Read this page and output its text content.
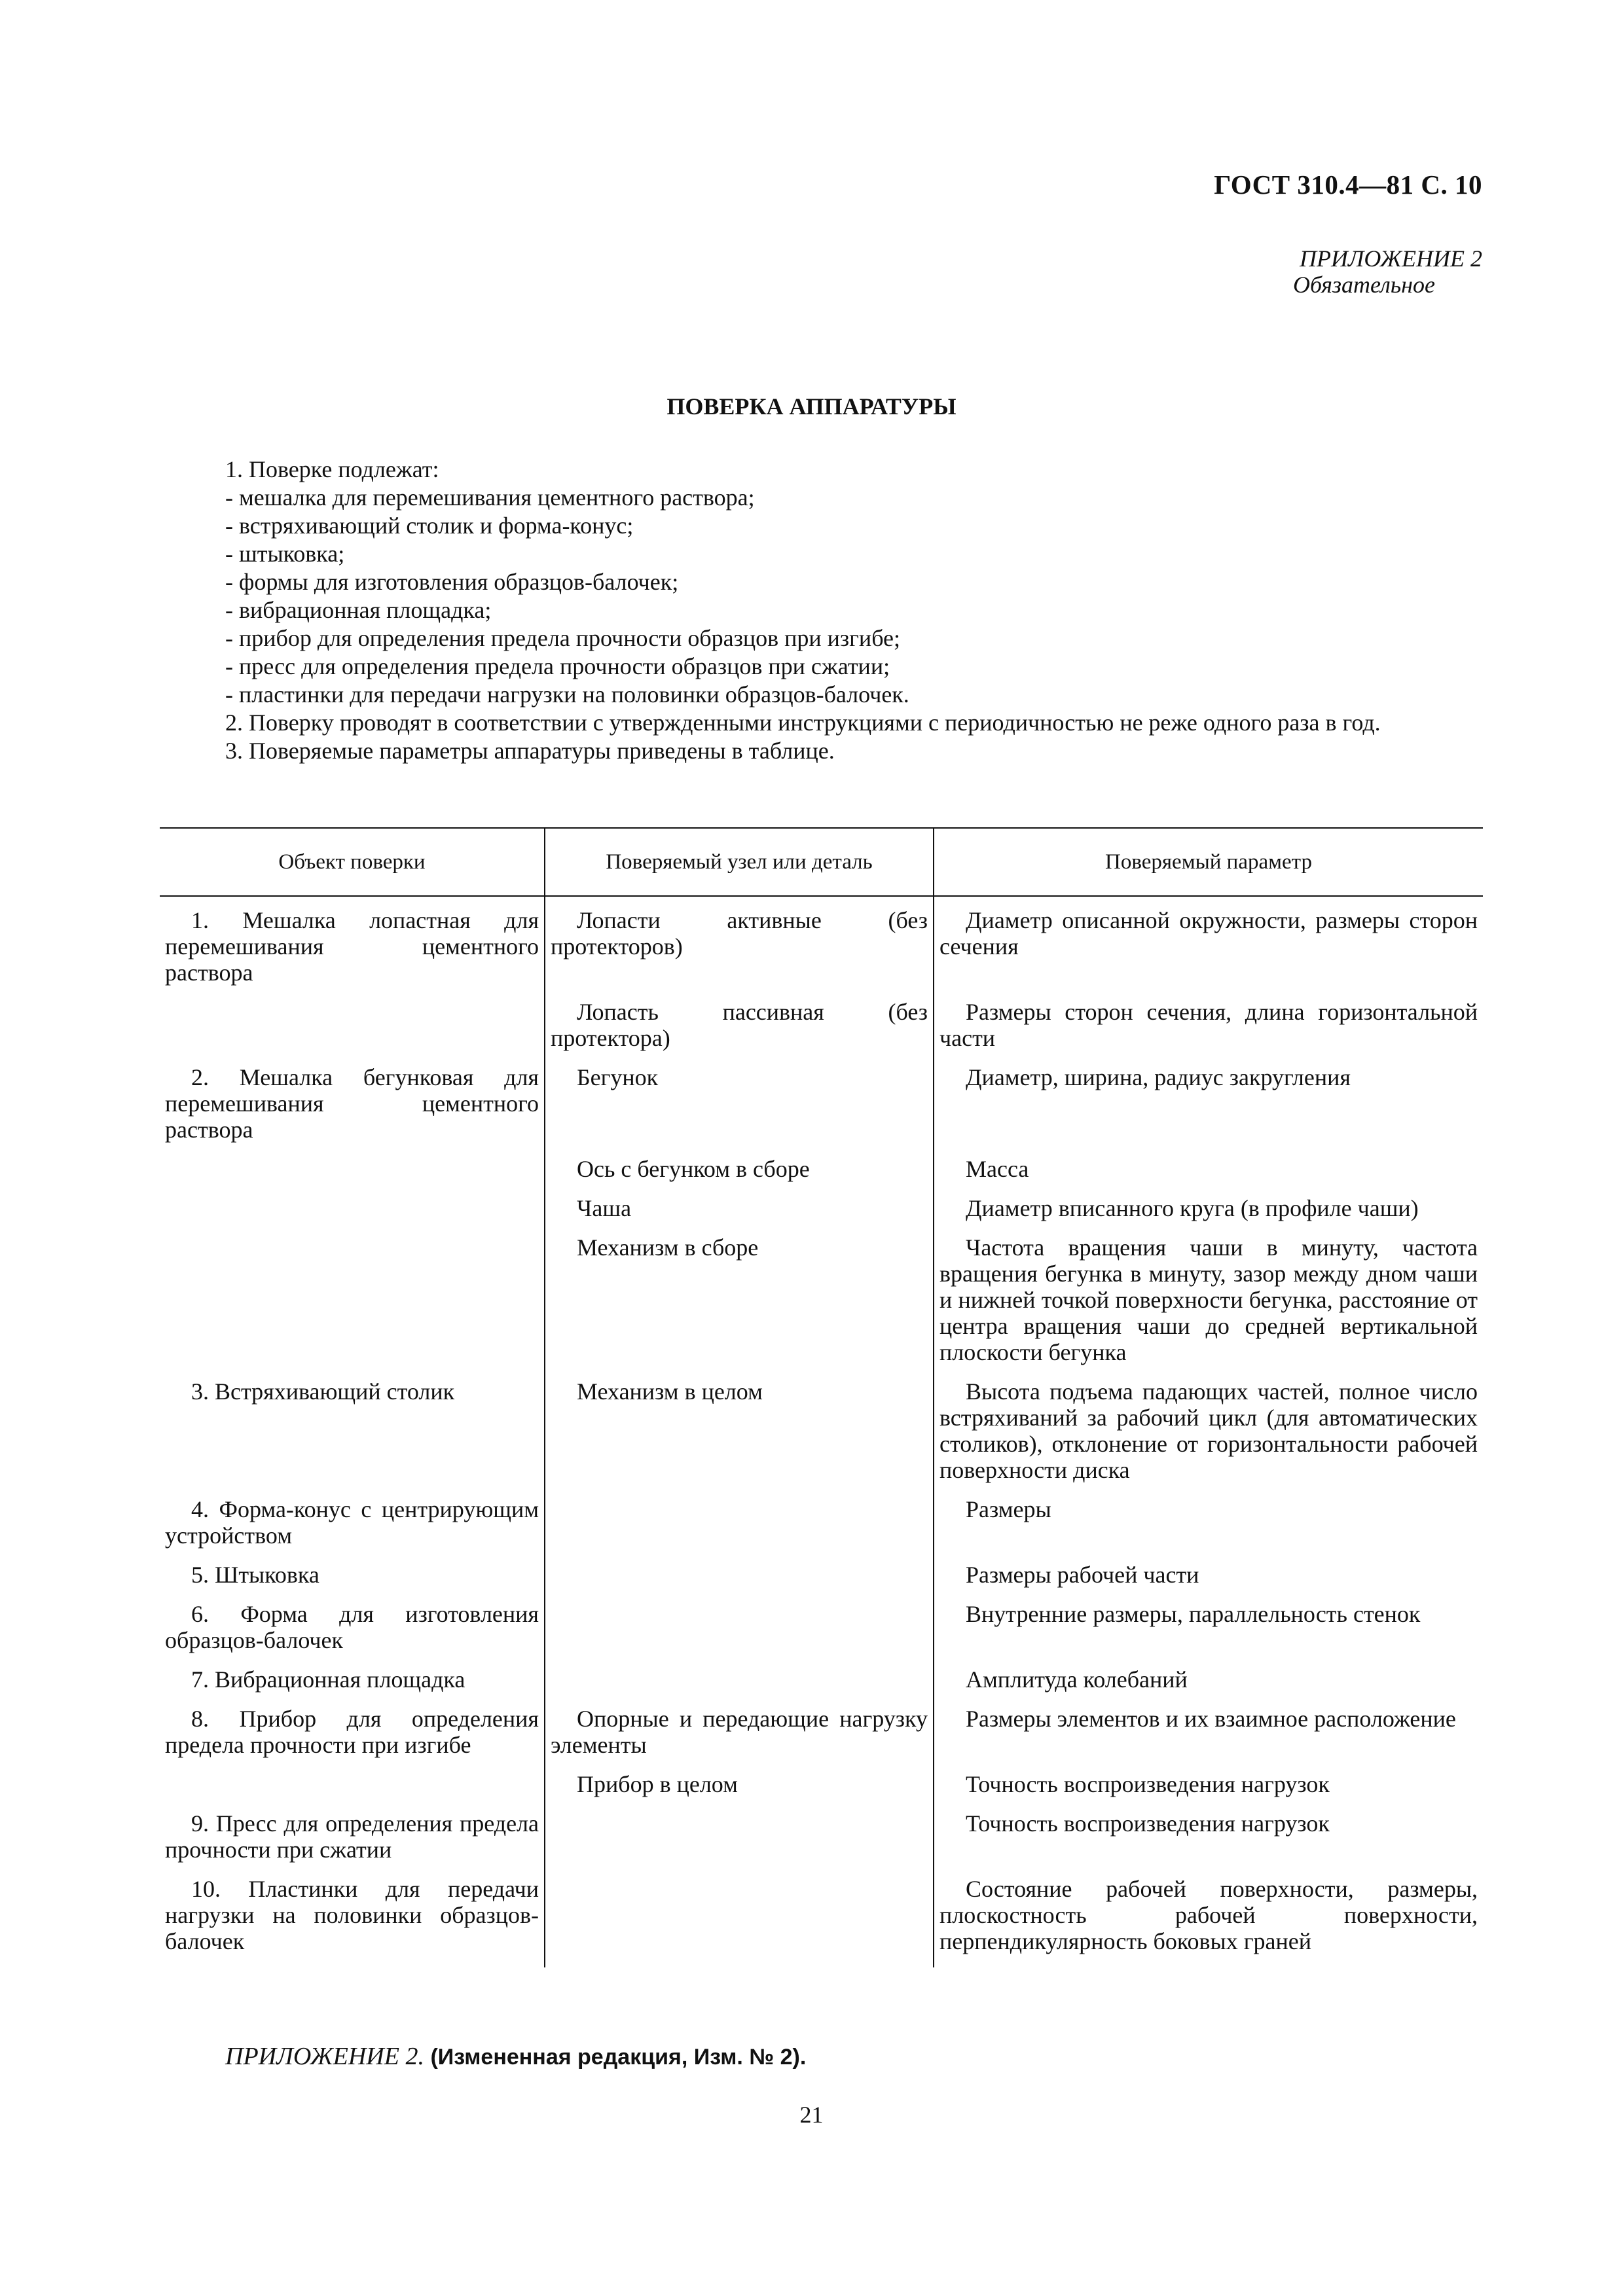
ГОСТ 310.4—81 С. 10
ПРИЛОЖЕНИЕ 2
Обязательное
ПОВЕРКА АППАРАТУРЫ

1. Поверке подлежат:

- мешалка для перемешивания цементного раствора;

- встряхивающий столик и форма-конус;

- штыковка;

- формы для изготовления образцов-балочек;

- вибрационная площадка;

- прибор для определения предела прочности образцов при изгибе;

- пресс для определения предела прочности образцов при сжатии;

- пластинки для передачи нагрузки на половинки образцов-балочек.

2. Поверку проводят в соответствии с утвержденными инструкциями с периодичностью не реже одного раза в год.

3. Поверяемые параметры аппаратуры приведены в таблице.

Объект поверки	Поверяемый узел или деталь	Поверяемый параметр
1. Мешалка лопастная для перемешивания цементного раствора	Лопасти активные (без протекторов)	Диаметр описанной окружности, размеры сторон сечения
	Лопасть пассивная (без протектора)	Размеры сторон сечения, длина горизонтальной части
2. Мешалка бегунковая для перемешивания цементного раствора	Бегунок	Диаметр, ширина, радиус закругления
	Ось с бегунком в сборе	Масса
	Чаша	Диаметр вписанного круга (в профиле чаши)
	Механизм в сборе	Частота вращения чаши в минуту, частота вращения бегунка в минуту, зазор между дном чаши и нижней точкой поверхности бегунка, расстояние от центра вращения чаши до средней вертикальной плоскости бегунка
3. Встряхивающий столик	Механизм в целом	Высота подъема падающих частей, полное число встряхиваний за рабочий цикл (для автоматических столиков), отклонение от горизонтальности рабочей поверхности диска
4. Форма-конус с центрирующим устройством		Размеры
5. Штыковка		Размеры рабочей части
6. Форма для изготовления образцов-балочек		Внутренние размеры, параллельность стенок
7. Вибрационная площадка		Амплитуда колебаний
8. Прибор для определения предела прочности при изгибе	Опорные и передающие нагрузку элементы	Размеры элементов и их взаимное расположение
	Прибор в целом	Точность воспроизведения нагрузок
9. Пресс для определения предела прочности при сжатии		Точность воспроизведения нагрузок
10. Пластинки для передачи нагрузки на половинки образцов-балочек		Состояние рабочей поверхности, размеры, плоскостность рабочей поверхности, перпендикулярность боковых граней
ПРИЛОЖЕНИЕ 2. (Измененная редакция, Изм. № 2).
21
